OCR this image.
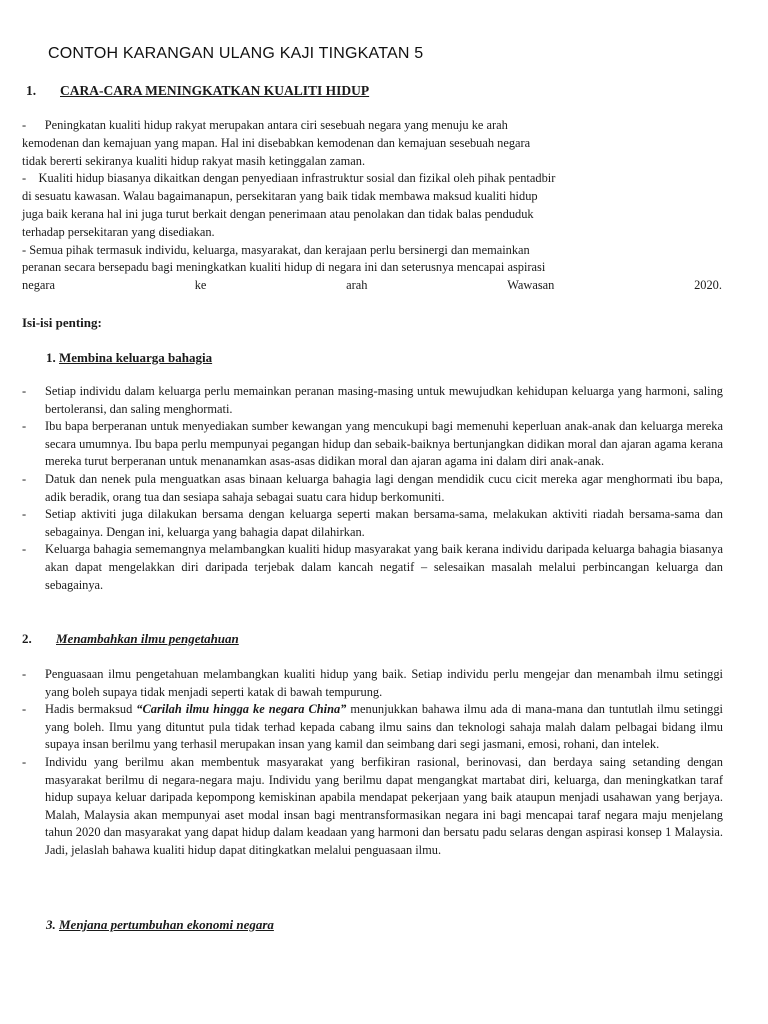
CONTOH KARANGAN ULANG KAJI TINGKATAN 5
1. CARA-CARA MENINGKATKAN KUALITI HIDUP
-      Peningkatan kualiti hidup rakyat merupakan antara ciri sesebuah negara yang menuju ke arah
kemodenan dan kemajuan yang mapan. Hal ini disebabkan kemodenan dan kemajuan sesebuah negara
tidak bererti sekiranya kualiti hidup rakyat masih ketinggalan zaman.
-    Kualiti hidup biasanya dikaitkan dengan penyediaan infrastruktur sosial dan fizikal oleh pihak pentadbir
di sesuatu kawasan. Walau bagaimanapun, persekitaran yang baik tidak membawa maksud kualiti hidup
juga baik kerana hal ini juga turut berkait dengan penerimaan atau penolakan dan tidak balas penduduk
terhadap persekitaran yang disediakan.
- Semua pihak termasuk individu, keluarga, masyarakat, dan kerajaan perlu bersinergi dan memainkan
peranan secara bersepadu bagi meningkatkan kualiti hidup di negara ini dan seterusnya mencapai aspirasi
negara	ke	arah	Wawasan	2020.
Isi-isi penting:
1. Membina keluarga bahagia
- Setiap individu dalam keluarga perlu memainkan peranan masing-masing untuk mewujudkan kehidupan keluarga yang harmoni, saling bertoleransi, dan saling menghormati.
- Ibu bapa berperanan untuk menyediakan sumber kewangan yang mencukupi bagi memenuhi keperluan anak-anak dan keluarga mereka secara umumnya. Ibu bapa perlu mempunyai pegangan hidup dan sebaik-baiknya bertunjangkan didikan moral dan ajaran agama kerana mereka turut berperanan untuk menanamkan asas-asas didikan moral dan ajaran agama ini dalam diri anak-anak.
- Datuk dan nenek pula menguatkan asas binaan keluarga bahagia lagi dengan mendidik cucu cicit mereka agar menghormati ibu bapa, adik beradik, orang tua dan sesiapa sahaja sebagai suatu cara hidup berkomuniti.
- Setiap aktiviti juga dilakukan bersama dengan keluarga seperti makan bersama-sama, melakukan aktiviti riadah bersama-sama dan sebagainya. Dengan ini, keluarga yang bahagia dapat dilahirkan.
- Keluarga bahagia sememangnya melambangkan kualiti hidup masyarakat yang baik kerana individu daripada keluarga bahagia biasanya akan dapat mengelakkan diri daripada terjebak dalam kancah negatif – selesaikan masalah melalui perbincangan keluarga dan sebagainya.
2. Menambahkan ilmu pengetahuan
- Penguasaan ilmu pengetahuan melambangkan kualiti hidup yang baik. Setiap individu perlu mengejar dan menambah ilmu setinggi yang boleh supaya tidak menjadi seperti katak di bawah tempurung.
- Hadis bermaksud “Carilah ilmu hingga ke negara China” menunjukkan bahawa ilmu ada di mana-mana dan tuntutlah ilmu setinggi yang boleh. Ilmu yang dituntut pula tidak terhad kepada cabang ilmu sains dan teknologi sahaja malah dalam pelbagai bidang ilmu supaya insan berilmu yang terhasil merupakan insan yang kamil dan seimbang dari segi jasmani, emosi, rohani, dan intelek.
- Individu yang berilmu akan membentuk masyarakat yang berfikiran rasional, berinovasi, dan berdaya saing setanding dengan masyarakat berilmu di negara-negara maju. Individu yang berilmu dapat mengangkat martabat diri, keluarga, dan meningkatkan taraf hidup supaya keluar daripada kepompong kemiskinan apabila mendapat pekerjaan yang baik ataupun menjadi usahawan yang berjaya. Malah, Malaysia akan mempunyai aset modal insan bagi mentransformasikan negara ini bagi mencapai taraf negara maju menjelang tahun 2020 dan masyarakat yang dapat hidup dalam keadaan yang harmoni dan bersatu padu selaras dengan aspirasi konsep 1 Malaysia. Jadi, jelaslah bahawa kualiti hidup dapat ditingkatkan melalui penguasaan ilmu.
3. Menjana pertumbuhan ekonomi negara
